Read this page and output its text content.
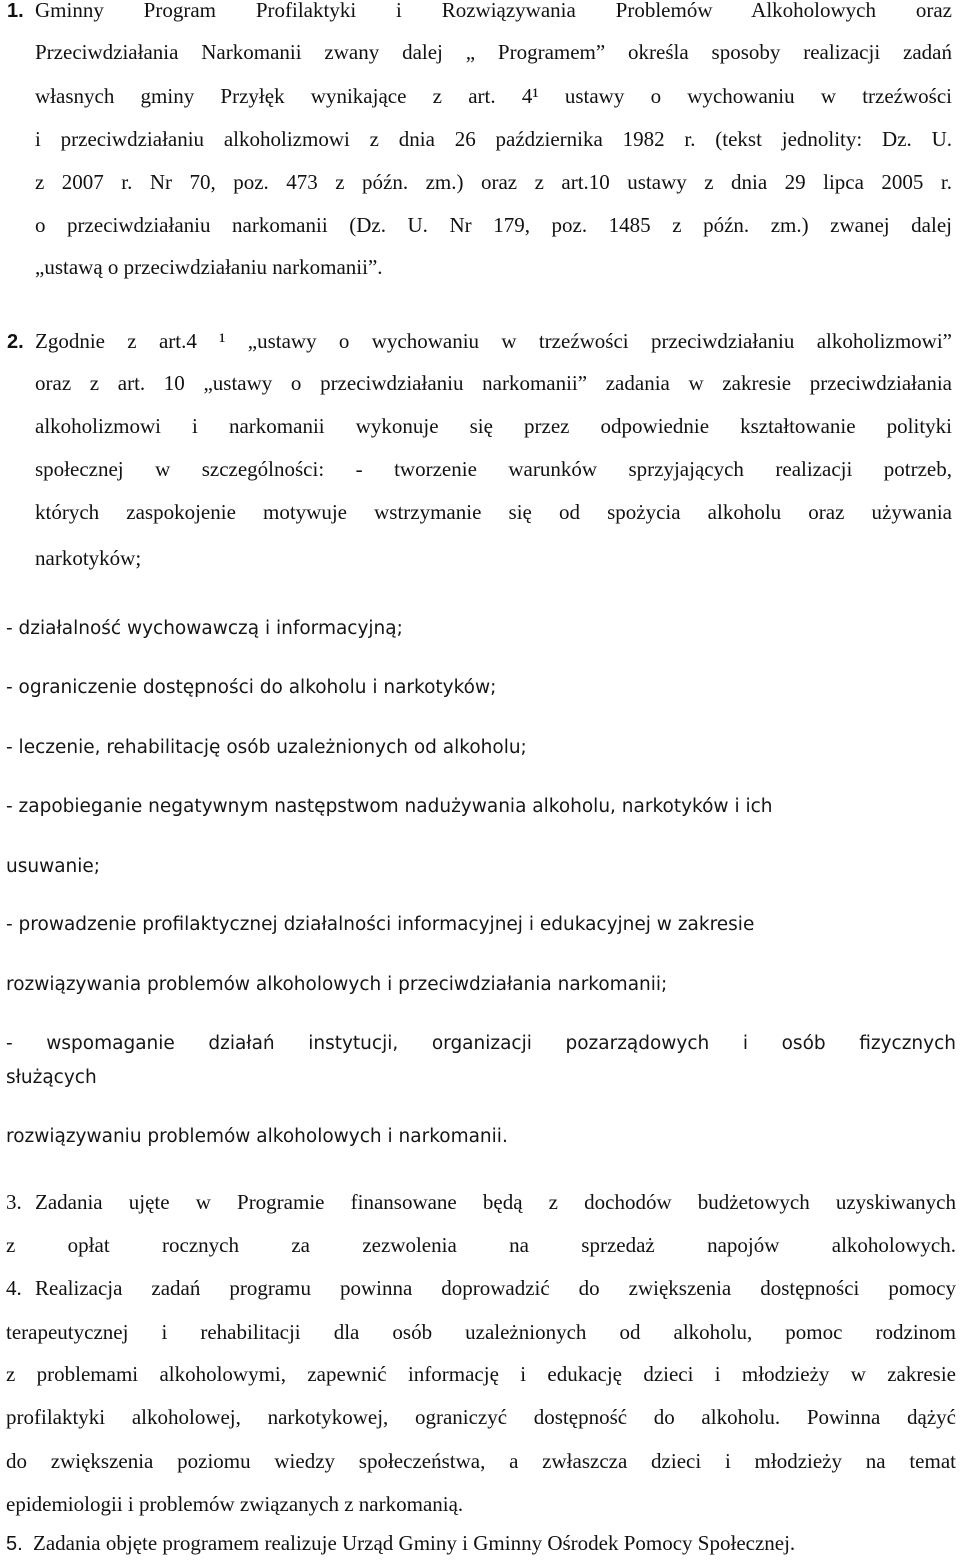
Gminny Program Profilaktyki i Rozwiązywania Problemów Alkoholowych oraz
1.
Przeciwdziałania Narkomanii zwany dalej „ Programem” określa sposoby realizacji zadań
własnych gminy Przyłęk wynikające z art. 4¹ ustawy o wychowaniu w trzeźwości
i przeciwdziałaniu alkoholizmowi z dnia 26 października 1982 r. (tekst jednolity: Dz. U.
z 2007 r. Nr 70, poz. 473 z późn. zm.) oraz z art.10 ustawy z dnia 29 lipca 2005 r.
o przeciwdziałaniu narkomanii (Dz. U. Nr 179, poz. 1485 z późn. zm.) zwanej dalej
„ustawą o przeciwdziałaniu narkomanii”.
2. Zgodnie z art.4 ¹ „ustawy o wychowaniu w trzeźwości przeciwdziałaniu alkoholizmowi”
oraz z art. 10 „ustawy o przeciwdziałaniu narkomanii” zadania w zakresie przeciwdziałania
alkoholizmowi i narkomanii wykonuje się przez odpowiednie kształtowanie polityki
społecznej w szczególności: - tworzenie warunków sprzyjających realizacji potrzeb,
których zaspokojenie motywuje wstrzymanie się od spożycia alkoholu oraz używania
narkotyków;
- działalność wychowawczą i informacyjną;
- ograniczenie dostępności do alkoholu i narkotyków;
- leczenie, rehabilitację osób uzależnionych od alkoholu;
- zapobieganie negatywnym następstwom nadużywania alkoholu, narkotyków i ich
usuwanie;
- prowadzenie profilaktycznej działalności informacyjnej i edukacyjnej w zakresie
rozwiązywania problemów alkoholowych i przeciwdziałania narkomanii;
- wspomaganie działań instytucji, organizacji pozarządowych i osób fizycznych
służących
rozwiązywaniu problemów alkoholowych i narkomanii.
3. Zadania ujęte w Programie finansowane będą z dochodów budżetowych uzyskiwanych
z opłat rocznych za zezwolenia na sprzedaż napojów alkoholowych.
4. Realizacja zadań programu powinna doprowadzić do zwiększenia dostępności pomocy
terapeutycznej i rehabilitacji dla osób uzależnionych od alkoholu, pomoc rodzinom
z problemami alkoholowymi, zapewnić informację i edukację dzieci i młodzieży w zakresie
profilaktyki alkoholowej, narkotykowej, ograniczyć dostępność do alkoholu. Powinna dążyć
do zwiększenia poziomu wiedzy społeczeństwa, a zwłaszcza dzieci i młodzieży na temat
epidemiologii i problemów związanych z narkomanią.
5. Zadania objęte programem realizuje Urząd Gminy i Gminny Ośrodek Pomocy Społecznej.
